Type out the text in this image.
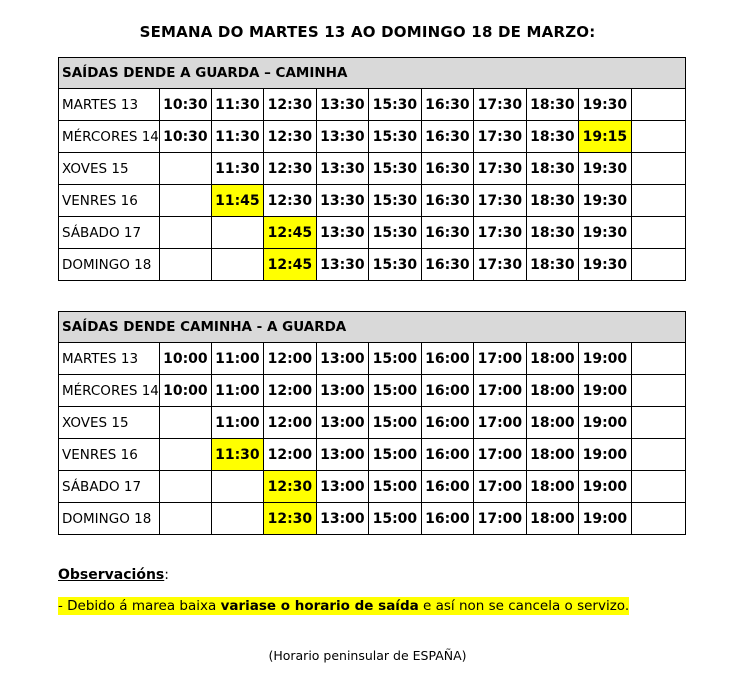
SEMANA DO MARTES 13 AO DOMINGO 18 DE MARZO:
SAÍDAS DENDE A GUARDA – CAMINHA										
MARTES 13	10:30	11:30	12:30	13:30	15:30	16:30	17:30	18:30	19:30	
MÉRCORES 14	10:30	11:30	12:30	13:30	15:30	16:30	17:30	18:30	19:15	
XOVES 15		11:30	12:30	13:30	15:30	16:30	17:30	18:30	19:30	
VENRES 16		11:45	12:30	13:30	15:30	16:30	17:30	18:30	19:30	
SÁBADO 17			12:45	13:30	15:30	16:30	17:30	18:30	19:30	
DOMINGO 18			12:45	13:30	15:30	16:30	17:30	18:30	19:30	
SAÍDAS DENDE CAMINHA - A GUARDA										
MARTES 13	10:00	11:00	12:00	13:00	15:00	16:00	17:00	18:00	19:00	
MÉRCORES 14	10:00	11:00	12:00	13:00	15:00	16:00	17:00	18:00	19:00	
XOVES 15		11:00	12:00	13:00	15:00	16:00	17:00	18:00	19:00	
VENRES 16		11:30	12:00	13:00	15:00	16:00	17:00	18:00	19:00	
SÁBADO 17			12:30	13:00	15:00	16:00	17:00	18:00	19:00	
DOMINGO 18			12:30	13:00	15:00	16:00	17:00	18:00	19:00	
Observacións:
- Debido á marea baixa variase o horario de saída e así non se cancela o servizo.
(Horario peninsular de ESPAÑA)
